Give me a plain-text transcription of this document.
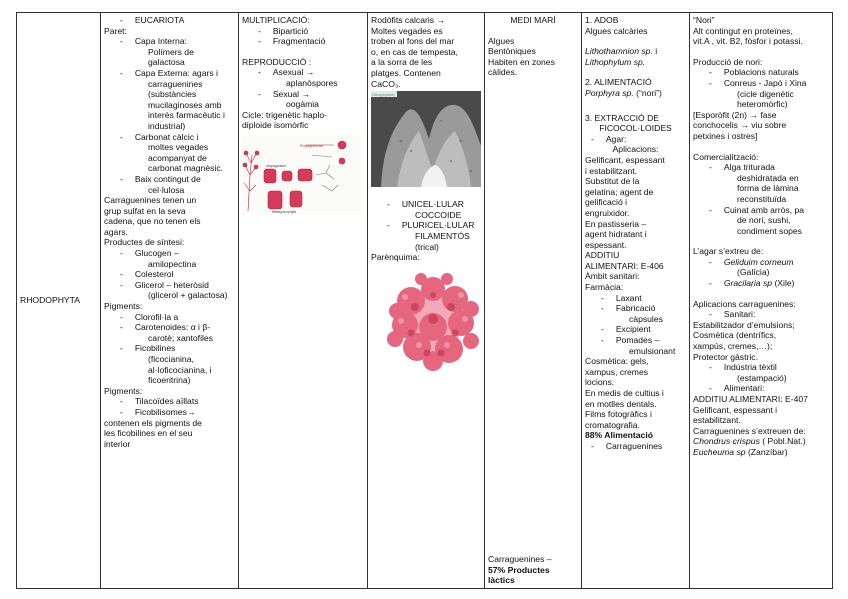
RHODOPHYTA	
-     EUCARIOTA
Paret:
-     Capa Interna:
Polímers de
galactosa
-     Capa Externa: agars i
carraguenines
(substàncies
mucilaginoses amb
interès farmacèutic i
industrial)
-     Carbonat càlcic i
moltes vegades
acompanyat de
carbonat magnèsic.
-     Baix contingut de
cel·lulosa
Carraguenines tenen un
grup sulfat en la seva
cadena, que no tenen els
agars.
Productes de síntesi:
-     Glucogen –
amilopectina
-     Colesterol
-     Glicerol – heteròsid
(glicerol + galactosa)
Pigments:
-     Clorofil·la a
-     Carotenoides: α i β-
carotè; xantofiles
-     Ficobilines
(ficocianina,
al·loficocianina, i
ficoeritrina)
Pigments:
-     Tilacoïdes aïllats
-     Ficobilisomes→
contenen els pigments de
les ficobilines en el seu
interior

MULTIPLICACIÓ:
-     Bipartició
-     Fragmentació
REPRODUCCIÓ :
-     Asexual →
aplanòspores
-     Sexual →
oogàmia
Cicle: trigenètic haplo-
diploide isomòrfic
Polysiphonia
carpogonium
tetrasporophyte

Rodòfits calcaris →
Moltes vegades es
troben al fons del mar
o, en cas de tempesta,
a la sorra de les
platges. Contenen
CaCO₃.
Lithophyllum
-     UNICEL·LULAR
COCCOIDE
-     PLURICEL·LULAR
FILAMENTÓS
(trical)
Parènquima:

MEDI MARÍ
Algues
Bentòniques
Habiten en zones
càlides.
Carraguenines –
57% Productes
làctics

1. ADOB
Algues calcàries
Lithothamnion sp. i
Lithophylum sp.
2. ALIMENTACIÓ
Porphyra sp. (“nori”)
3. EXTRACCIÓ DE
FICOCOL·LOIDES
-     Agar:
Aplicacions:
Gelificant, espessant
i estabilitzant.
Substitut de la
gelatina; agent de
gelificació i
engruixidor.
En pastisseria –
agent hidratant i
espessant.
ADDITIU
ALIMENTARI: E-406
Àmbit sanitari:
Farmàcia:
-     Laxant
-     Fabricació
càpsules
-     Excipient
-     Pomades –
emulsionant
Cosmètica: gels,
xampus, cremes
locions.
En medis de cultius i
en motlles dentals.
Films fotogràfics i
cromatografia.
88% Alimentació
-     Carraguenines

“Nori”
Alt contingut en proteïnes,
vit.A , vit. B2, fòsfor i potassi.
Producció de nori:
-     Poblacions naturals
-     Conreus - Japó i Xina
(cicle digenètic
heteromòrfic)
[Esporòfit (2n) → fase
conchocelis → viu sobre
petxines i ostres]
Comercialització:
-     Alga triturada
deshidratada en
forma de làmina
reconstituïda
-     Cuinat amb arròs, pa
de nori, sushi,
condiment sopes
L’agar s’extreu de:
-     Geliduim corneum
(Galícia)
-     Gracilaria sp (Xile)
Aplicacions carraguenines:
-     Sanitari:
Estabilitzador d’emulsions;
Cosmètica (dentrífics,
xampús, cremes,…);
Protector gàstric.
-     Indústria tèxtil
(estampació)
-     Alimentari:
ADDITIU ALIMENTARI: E-407
Gelificant, espessant i
estabilitzant.
Carraguenines s’extreuen de:
Chondrus crispus ( Pobl.Nat.)
Eucheuma sp (Zanzíbar)
